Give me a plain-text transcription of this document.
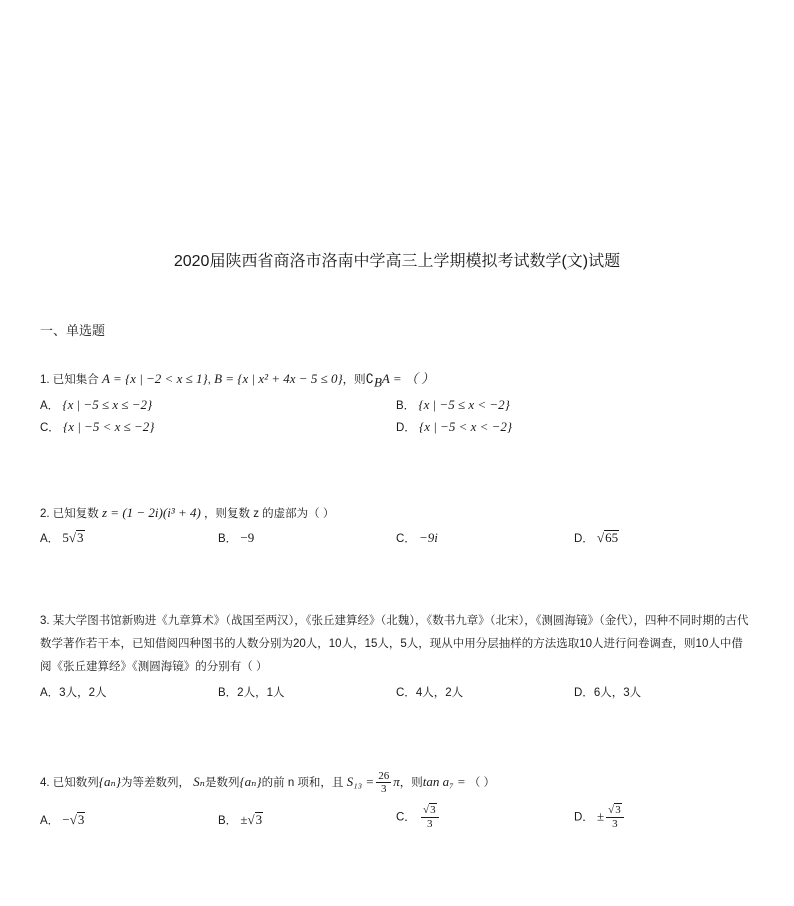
2020届陕西省商洛市洛南中学高三上学期模拟考试数学(文)试题
一、单选题
1. 已知集合 A = {x | −2 < x ≤ 1}, B = {x | x² + 4x − 5 ≤ 0}，则$∁_BA$ = （ ）
A． {x | −5 ≤ x ≤ −2}	B． {x | −5 ≤ x < −2}
C． {x | −5 < x ≤ −2}	D． {x | −5 < x < −2}
2. 已知复数 z = (1 − 2i)(i³ + 4) ，则复数 z 的虚部为（ ）
A． 5√3	B． −9	C． −9i	D． √65
3. 某大学图书馆新购进《九章算术》（战国至两汉），《张丘建算经》（北魏），《数书九章》（北宋），《测圆海镜》（金代），四种不同时期的古代数学著作若干本，已知借阅四种图书的人数分别为20人，10人，15人，5人，现从中用分层抽样的方法选取10人进行问卷调查，则10人中借阅《张丘建算经》《测圆海镜》的分别有（ ）
A．3人，2人	B．2人，1人	C．4人，2人	D．6人，3人
4. 已知数列{aₙ}为等差数列， Sₙ是数列{aₙ}的前 n 项和，且 $S_{13} = \frac{26}{3}$ π，则tan a₇ = （ ）
A． −√3	B． ±√3	C． $\frac{√3}{3}$	D． ± $\frac{√3}{3}$
